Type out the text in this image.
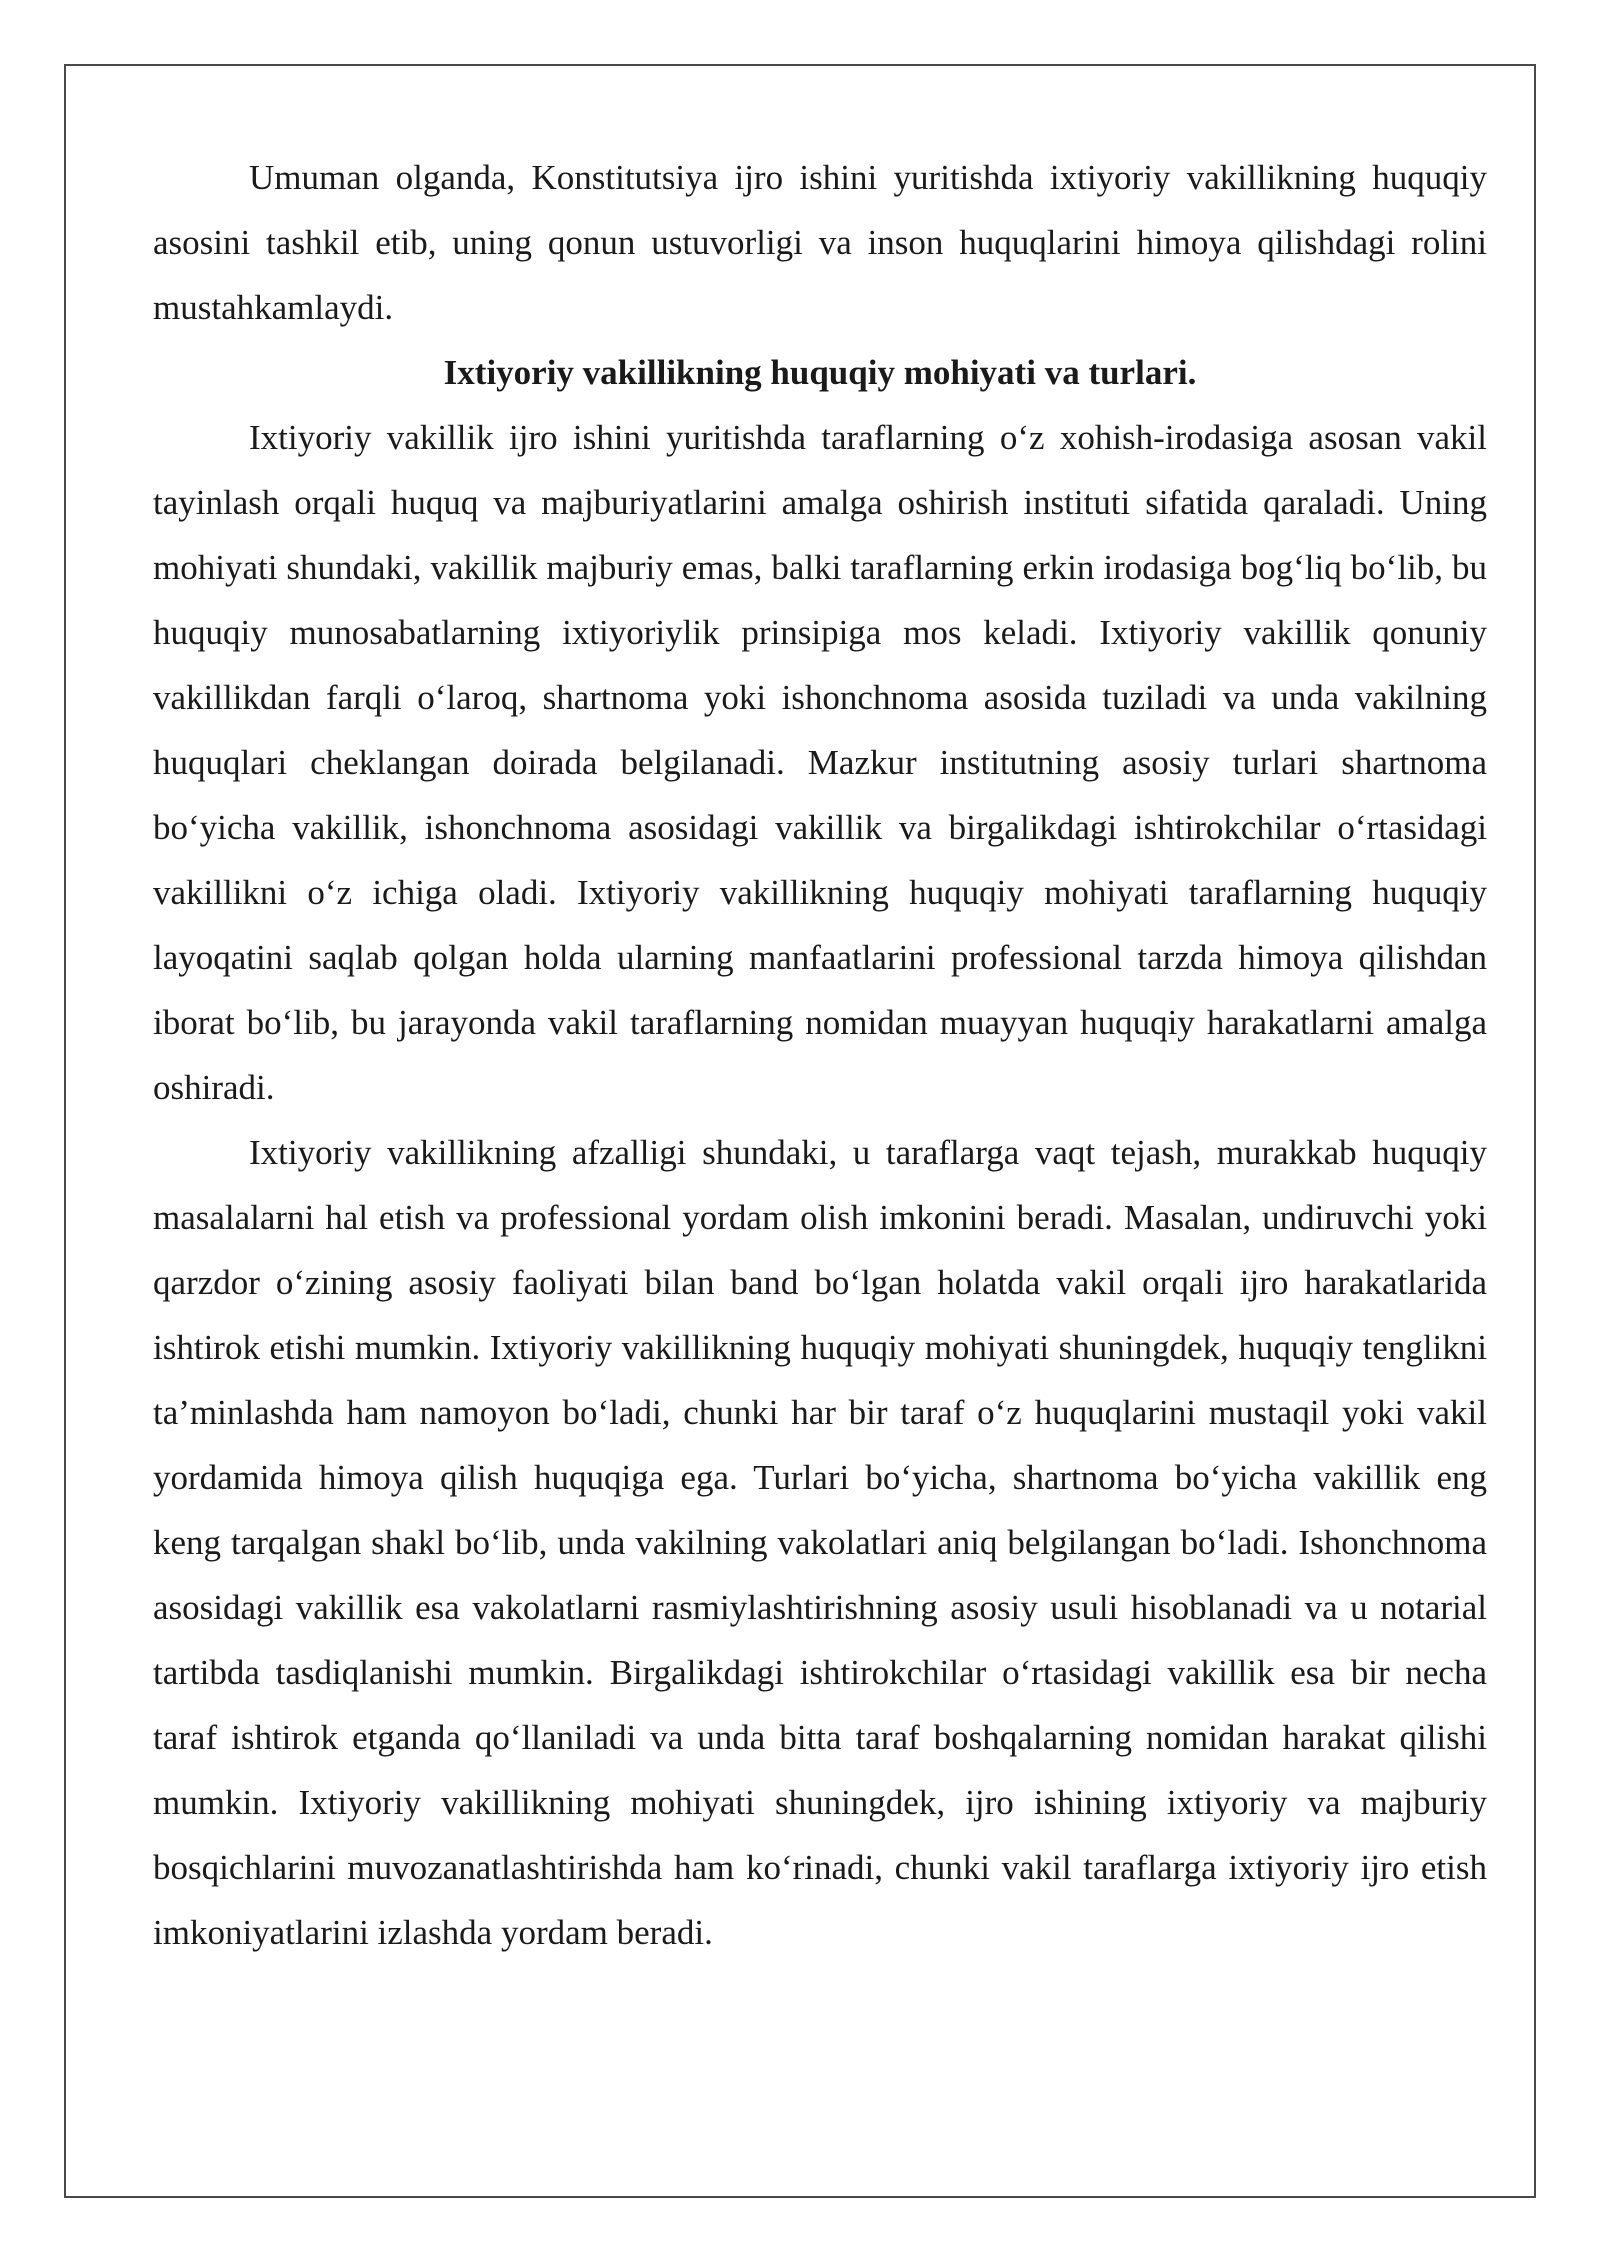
Umuman olganda, Konstitutsiya ijro ishini yuritishda ixtiyoriy vakillikning huquqiy asosini tashkil etib, uning qonun ustuvorligi va inson huquqlarini himoya qilishdagi rolini mustahkamlaydi.

Ixtiyoriy vakillikning huquqiy mohiyati va turlari.

Ixtiyoriy vakillik ijro ishini yuritishda taraflarning o‘z xohish-irodasiga asosan vakil tayinlash orqali huquq va majburiyatlarini amalga oshirish instituti sifatida qaraladi. Uning mohiyati shundaki, vakillik majburiy emas, balki taraflarning erkin irodasiga bog‘liq bo‘lib, bu huquqiy munosabatlarning ixtiyoriylik prinsipiga mos keladi. Ixtiyoriy vakillik qonuniy vakillikdan farqli o‘laroq, shartnoma yoki ishonchnoma asosida tuziladi va unda vakilning huquqlari cheklangan doirada belgilanadi. Mazkur institutning asosiy turlari shartnoma bo‘yicha vakillik, ishonchnoma asosidagi vakillik va birgalikdagi ishtirokchilar o‘rtasidagi vakillikni o‘z ichiga oladi. Ixtiyoriy vakillikning huquqiy mohiyati taraflarning huquqiy layoqatini saqlab qolgan holda ularning manfaatlarini professional tarzda himoya qilishdan iborat bo‘lib, bu jarayonda vakil taraflarning nomidan muayyan huquqiy harakatlarni amalga oshiradi.

Ixtiyoriy vakillikning afzalligi shundaki, u taraflarga vaqt tejash, murakkab huquqiy masalalarni hal etish va professional yordam olish imkonini beradi. Masalan, undiruvchi yoki qarzdor o‘zining asosiy faoliyati bilan band bo‘lgan holatda vakil orqali ijro harakatlarida ishtirok etishi mumkin. Ixtiyoriy vakillikning huquqiy mohiyati shuningdek, huquqiy tenglikni ta’minlashda ham namoyon bo‘ladi, chunki har bir taraf o‘z huquqlarini mustaqil yoki vakil yordamida himoya qilish huquqiga ega. Turlari bo‘yicha, shartnoma bo‘yicha vakillik eng keng tarqalgan shakl bo‘lib, unda vakilning vakolatlari aniq belgilangan bo‘ladi. Ishonchnoma asosidagi vakillik esa vakolatlarni rasmiylashtirishning asosiy usuli hisoblanadi va u notarial tartibda tasdiqlanishi mumkin. Birgalikdagi ishtirokchilar o‘rtasidagi vakillik esa bir necha taraf ishtirok etganda qo‘llaniladi va unda bitta taraf boshqalarning nomidan harakat qilishi mumkin. Ixtiyoriy vakillikning mohiyati shuningdek, ijro ishining ixtiyoriy va majburiy bosqichlarini muvozanatlashtirishda ham ko‘rinadi, chunki vakil taraflarga ixtiyoriy ijro etish imkoniyatlarini izlashda yordam beradi.
